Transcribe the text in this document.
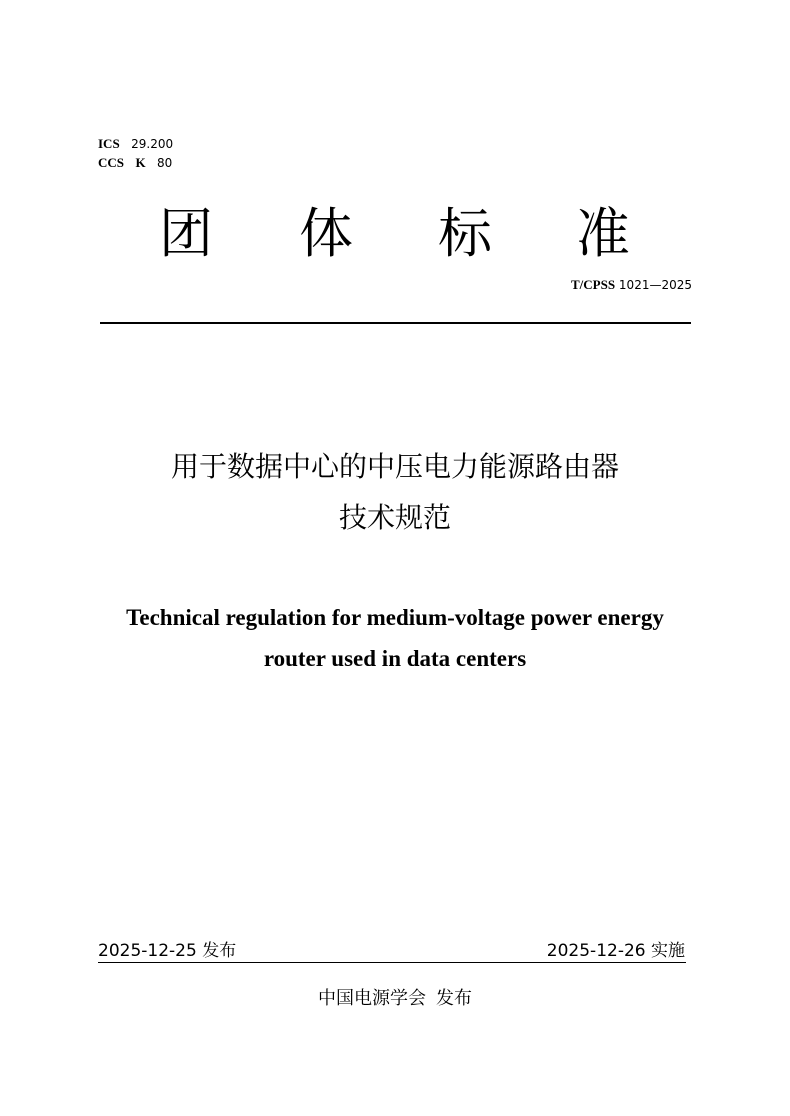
ICS 29.200
CCS K 80
团 体 标 准
T/CPSS 1021—2025
用于数据中心的中压电力能源路由器
技术规范
Technical regulation for medium-voltage power energy
router used in data centers
2025-12-25 发布	2025-12-26 实施
中国电源学会 发布
